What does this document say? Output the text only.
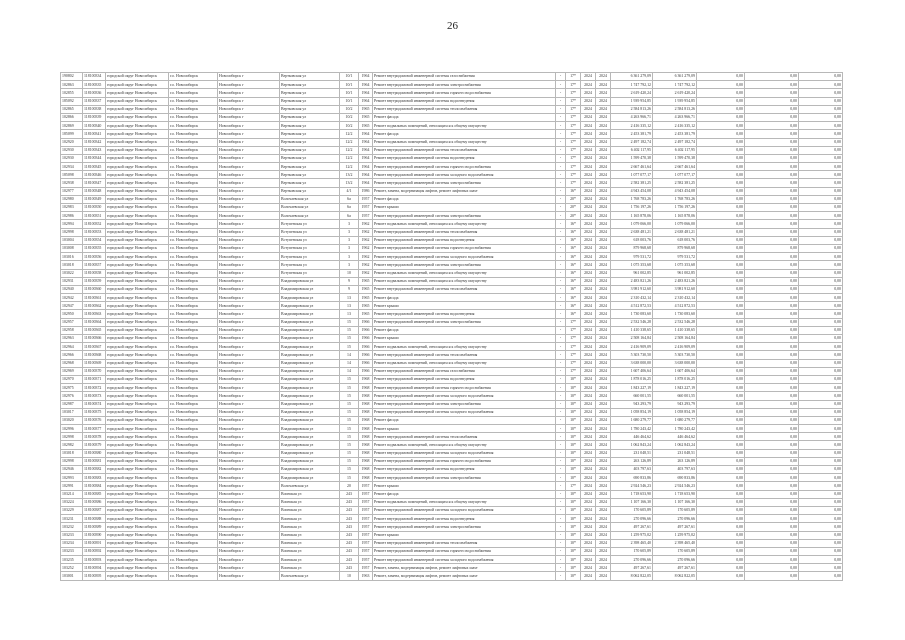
26
190802	118100334	городской округ Новосибирск	г.о. Новосибирск	Новосибирск г	Вертковская ул	10/1	1964	Ремонт внутридомовой инженерной системы газоснабжения	-	17*	2024	2024	6 361 279,09	6 361 279,09	0,00	0,00	0,00
102863	118100335	городской округ Новосибирск	г.о. Новосибирск	Новосибирск г	Вертковская ул	10/1	1964	Ремонт внутридомовой инженерной системы электроснабжения	-	17*	2024	2024	1 747 792,12	1 747 792,12	0,00	0,00	0,00
102855	118100336	городской округ Новосибирск	г.о. Новосибирск	Новосибирск г	Вертковская ул	10/1	1964	Ремонт внутридомовой инженерной системы горячего водоснабжения	-	17*	2024	2024	2 619 420,24	2 619 420,24	0,00	0,00	0,00
185092	118100337	городской округ Новосибирск	г.о. Новосибирск	Новосибирск г	Вертковская ул	10/1	1964	Ремонт внутридомовой инженерной системы водоотведения	-	17*	2024	2024	1 939 954,85	1 939 954,85	0,00	0,00	0,00
102865	118100338	городской округ Новосибирск	г.о. Новосибирск	Новосибирск г	Вертковская ул	10/2	1965	Ремонт внутридомовой инженерной системы теплоснабжения	-	17*	2024	2024	2 584 813,26	2 584 813,26	0,00	0,00	0,00
102866	118100339	городской округ Новосибирск	г.о. Новосибирск	Новосибирск г	Вертковская ул	10/2	1965	Ремонт фасада	-	17*	2024	2024	4 263 966,71	4 263 966,71	0,00	0,00	0,00
102869	118100340	городской округ Новосибирск	г.о. Новосибирск	Новосибирск г	Вертковская ул	10/2	1965	Ремонт подвальных помещений, относящихся к общему имуществу	-	17*	2024	2024	2 416 335,12	2 416 335,12	0,00	0,00	0,00
185099	118100341	городской округ Новосибирск	г.о. Новосибирск	Новосибирск г	Вертковская ул	12/2	1964	Ремонт фасада	-	17*	2024	2024	2 453 381,79	2 453 381,79	0,00	0,00	0,00
102920	118100342	городской округ Новосибирск	г.о. Новосибирск	Новосибирск г	Вертковская ул	12/2	1964	Ремонт подвальных помещений, относящихся к общему имуществу	-	17*	2024	2024	2 497 182,74	2 497 182,74	0,00	0,00	0,00
102930	118100343	городской округ Новосибирск	г.о. Новосибирск	Новосибирск г	Вертковская ул	12/2	1964	Ремонт внутридомовой инженерной системы теплоснабжения	-	17*	2024	2024	6 402 117,95	6 402 117,95	0,00	0,00	0,00
102930	118100344	городской округ Новосибирск	г.о. Новосибирск	Новосибирск г	Вертковская ул	12/2	1964	Ремонт внутридомовой инженерной системы водоотведения	-	17*	2024	2024	1 599 470,38	1 599 470,38	0,00	0,00	0,00
102934	118100345	городской округ Новосибирск	г.о. Новосибирск	Новосибирск г	Вертковская ул	12/2	1964	Ремонт внутридомовой инженерной системы горячего водоснабжения	-	17*	2024	2024	2 667 461,64	2 667 461,64	0,00	0,00	0,00
185098	118100346	городской округ Новосибирск	г.о. Новосибирск	Новосибирск г	Вертковская ул	13/2	1964	Ремонт внутридомовой инженерной системы холодного водоснабжения	-	17*	2024	2024	1 077 077,17	1 077 077,17	0,00	0,00	0,00
102938	118100347	городской округ Новосибирск	г.о. Новосибирск	Новосибирск г	Вертковская ул	13/2	1964	Ремонт внутридомовой инженерной системы электроснабжения	-	17*	2024	2024	2 582 381,25	2 582 381,25	0,00	0,00	0,00
102977	118100348	городской округ Новосибирск	г.о. Новосибирск	Новосибирск г	Вертковская ул	4/1	1986	Ремонт, замена, модернизация лифтов, ремонт лифтовых шахт	-	16*	2024	2024	4 943 454,08	4 943 454,08	0,00	0,00	0,00
102980	118100349	городской округ Новосибирск	г.о. Новосибирск	Новосибирск г	Волочаевская ул	6а	1957	Ремонт фасада	-	20*	2024	2024	1 768 783,26	1 768 783,26	0,00	0,00	0,00
102983	118100350	городской округ Новосибирск	г.о. Новосибирск	Новосибирск г	Волочаевская ул	6а	1957	Ремонт крыши	-	20*	2024	2024	1 756 197,26	1 756 197,26	0,00	0,00	0,00
102986	118100351	городской округ Новосибирск	г.о. Новосибирск	Новосибирск г	Волочаевская ул	6а	1957	Ремонт внутридомовой инженерной системы электроснабжения	-	20*	2024	2024	1 165 878,06	1 165 878,06	0,00	0,00	0,00
102994	118100352	городской округ Новосибирск	г.о. Новосибирск	Новосибирск г	Вступенская ул	3	1962	Ремонт подвальных помещений, относящихся к общему имуществу	-	16*	2024	2024	1 079 066,00	1 079 066,00	0,00	0,00	0,00
102998	118100353	городской округ Новосибирск	г.о. Новосибирск	Новосибирск г	Вступенская ул	3	1962	Ремонт внутридомовой инженерной системы теплоснабжения	-	16*	2024	2024	2 638 481,21	2 638 481,21	0,00	0,00	0,00
103004	118100354	городской округ Новосибирск	г.о. Новосибирск	Новосибирск г	Вступенская ул	3	1962	Ремонт внутридомовой инженерной системы водоотведения	-	16*	2024	2024	618 003,76	618 003,76	0,00	0,00	0,00
103008	118100355	городской округ Новосибирск	г.о. Новосибирск	Новосибирск г	Вступенская ул	3	1962	Ремонт внутридомовой инженерной системы горячего водоснабжения	-	16*	2024	2024	879 968,68	879 968,68	0,00	0,00	0,00
103016	118100356	городской округ Новосибирск	г.о. Новосибирск	Новосибирск г	Вступенская ул	3	1962	Ремонт внутридомовой инженерной системы холодного водоснабжения	-	16*	2024	2024	979 531,72	979 531,72	0,00	0,00	0,00
103018	118100357	городской округ Новосибирск	г.о. Новосибирск	Новосибирск г	Вступенская ул	3	1962	Ремонт внутридомовой инженерной системы электроснабжения	-	16*	2024	2024	1 075 353,68	1 075 353,68	0,00	0,00	0,00
103022	118100358	городской округ Новосибирск	г.о. Новосибирск	Новосибирск г	Вступенская ул	10	1962	Ремонт подвальных помещений, относящихся к общему имуществу	-	16*	2024	2024	961 002,85	961 002,85	0,00	0,00	0,00
102931	118100359	городской округ Новосибирск	г.о. Новосибирск	Новосибирск г	Владимировская ул	9	1965	Ремонт подвальных помещений, относящихся к общему имуществу	-	16*	2024	2024	2 483 821,26	2 483 821,26	0,00	0,00	0,00
102940	118100360	городской округ Новосибирск	г.о. Новосибирск	Новосибирск г	Владимировская ул	9	1965	Ремонт внутридомовой инженерной системы теплоснабжения	-	16*	2024	2024	3 981 912,60	3 981 912,60	0,00	0,00	0,00
102942	118100361	городской округ Новосибирск	г.о. Новосибирск	Новосибирск г	Владимировская ул	13	1965	Ремонт фасада	-	16*	2024	2024	2 310 432,14	2 310 432,14	0,00	0,00	0,00
102947	118100362	городской округ Новосибирск	г.о. Новосибирск	Новосибирск г	Владимировская ул	13	1965	Ремонт крыши	-	16*	2024	2024	4 512 872,53	4 512 872,53	0,00	0,00	0,00
102950	118100363	городской округ Новосибирск	г.о. Новосибирск	Новосибирск г	Владимировская ул	13	1965	Ремонт внутридомовой инженерной системы водоотведения	-	16*	2024	2024	1 730 083,60	1 730 083,60	0,00	0,00	0,00
102957	118100364	городской округ Новосибирск	г.о. Новосибирск	Новосибирск г	Владимировская ул	15	1966	Ремонт внутридомовой инженерной системы электроснабжения	-	17*	2024	2024	2 532 546,28	2 532 546,28	0,00	0,00	0,00
102958	118100365	городской округ Новосибирск	г.о. Новосибирск	Новосибирск г	Владимировская ул	15	1966	Ремонт фасада	-	17*	2024	2024	1 410 338,65	1 410 338,65	0,00	0,00	0,00
102963	118100366	городской округ Новосибирск	г.о. Новосибирск	Новосибирск г	Владимировская ул	15	1966	Ремонт крыши	-	17*	2024	2024	2 508 164,84	2 508 164,84	0,00	0,00	0,00
102964	118100367	городской округ Новосибирск	г.о. Новосибирск	Новосибирск г	Владимировская ул	15	1966	Ремонт подвальных помещений, относящихся к общему имуществу	-	17*	2024	2024	2 416 909,09	2 416 909,09	0,00	0,00	0,00
102966	118100368	городской округ Новосибирск	г.о. Новосибирск	Новосибирск г	Владимировская ул	14	1966	Ремонт внутридомовой инженерной системы теплоснабжения	-	17*	2024	2024	5 303 730,50	5 303 730,50	0,00	0,00	0,00
102968	118100369	городской округ Новосибирск	г.о. Новосибирск	Новосибирск г	Владимировская ул	14	1966	Ремонт подвальных помещений, относящихся к общему имуществу	-	17*	2024	2024	3 638 000,00	3 638 000,00	0,00	0,00	0,00
102969	118100370	городской округ Новосибирск	г.о. Новосибирск	Новосибирск г	Владимировская ул	14	1966	Ремонт внутридомовой инженерной системы газоснабжения	-	17*	2024	2024	1 607 406,64	1 607 406,64	0,00	0,00	0,00
102970	118100371	городской округ Новосибирск	г.о. Новосибирск	Новосибирск г	Владимировская ул	15	1968	Ремонт внутридомовой инженерной системы водоотведения	-	10*	2024	2024	1 878 016,25	1 878 016,25	0,00	0,00	0,00
102975	118100372	городской округ Новосибирск	г.о. Новосибирск	Новосибирск г	Владимировская ул	15	1968	Ремонт внутридомовой инженерной системы горячего водоснабжения	-	10*	2024	2024	1 843 227,19	1 843 227,19	0,00	0,00	0,00
102976	118100373	городской округ Новосибирск	г.о. Новосибирск	Новосибирск г	Владимировская ул	15	1968	Ремонт внутридомовой инженерной системы холодного водоснабжения	-	10*	2024	2024	660 001,55	660 001,55	0,00	0,00	0,00
102987	118100374	городской округ Новосибирск	г.о. Новосибирск	Новосибирск г	Владимировская ул	15	1968	Ремонт внутридомовой инженерной системы электроснабжения	-	10*	2024	2024	943 293,79	943 293,79	0,00	0,00	0,00
103017	118100375	городской округ Новосибирск	г.о. Новосибирск	Новосибирск г	Владимировская ул	15	1968	Ремонт внутридомовой инженерной системы холодного водоснабжения	-	10*	2024	2024	1 058 854,19	1 058 854,19	0,00	0,00	0,00
103020	118100376	городской округ Новосибирск	г.о. Новосибирск	Новосибирск г	Владимировская ул	15	1968	Ремонт фасада	-	10*	2024	2024	1 680 279,77	1 680 279,77	0,00	0,00	0,00
102996	118100377	городской округ Новосибирск	г.о. Новосибирск	Новосибирск г	Владимировская ул	15	1968	Ремонт крыши	-	10*	2024	2024	1 780 243,42	1 780 243,42	0,00	0,00	0,00
102998	118100378	городской округ Новосибирск	г.о. Новосибирск	Новосибирск г	Владимировская ул	15	1968	Ремонт внутридомовой инженерной системы теплоснабжения	-	10*	2024	2024	446 464,62	446 464,62	0,00	0,00	0,00
102982	118100379	городской округ Новосибирск	г.о. Новосибирск	Новосибирск г	Владимировская ул	15	1968	Ремонт подвальных помещений, относящихся к общему имуществу	-	10*	2024	2024	1 062 843,24	1 062 843,24	0,00	0,00	0,00
103018	118100380	городской округ Новосибирск	г.о. Новосибирск	Новосибирск г	Владимировская ул	15	1968	Ремонт внутридомовой инженерной системы холодного водоснабжения	-	10*	2024	2024	231 048,51	231 048,51	0,00	0,00	0,00
102998	118100381	городской округ Новосибирск	г.о. Новосибирск	Новосибирск г	Владимировская ул	15	1968	Ремонт внутридомовой инженерной системы горячего водоснабжения	-	10*	2024	2024	263 126,89	263 126,89	0,00	0,00	0,00
102946	118100382	городской округ Новосибирск	г.о. Новосибирск	Новосибирск г	Владимировская ул	15	1968	Ремонт внутридомовой инженерной системы водоотведения	-	10*	2024	2024	403 797,63	403 797,63	0,00	0,00	0,00
102993	118100383	городской округ Новосибирск	г.о. Новосибирск	Новосибирск г	Владимировская ул	15	1968	Ремонт внутридомовой инженерной системы электроснабжения	-	10*	2024	2024	690 833,86	690 833,86	0,00	0,00	0,00
102991	118100384	городской округ Новосибирск	г.о. Новосибирск	Новосибирск г	Волочаевская ул	20	1957	Ремонт крыши	-	17*	2024	2024	2 924 546,23	2 924 546,23	0,00	0,00	0,00
103214	118100385	городской округ Новосибирск	г.о. Новосибирск	Новосибирск г	Воинская ул	243	1957	Ремонт фасада	-	10*	2024	2024	1 718 653,90	1 718 653,90	0,00	0,00	0,00
103224	118100386	городской округ Новосибирск	г.о. Новосибирск	Новосибирск г	Воинская ул	243	1957	Ремонт подвальных помещений, относящихся к общему имуществу	-	10*	2024	2024	1 107 166,30	1 107 166,30	0,00	0,00	0,00
103229	118100387	городской округ Новосибирск	г.о. Новосибирск	Новосибирск г	Воинская ул	243	1957	Ремонт внутридомовой инженерной системы холодного водоснабжения	-	10*	2024	2024	170 605,89	170 605,89	0,00	0,00	0,00
103231	118100388	городской округ Новосибирск	г.о. Новосибирск	Новосибирск г	Воинская ул	243	1957	Ремонт внутридомовой инженерной системы водоотведения	-	10*	2024	2024	270 096,66	270 096,66	0,00	0,00	0,00
103232	118100389	городской округ Новосибирск	г.о. Новосибирск	Новосибирск г	Воинская ул	243	1957	Ремонт внутридомовой инженерной системы электроснабжения	-	10*	2024	2024	497 267,61	497 267,61	0,00	0,00	0,00
103233	118100390	городской округ Новосибирск	г.о. Новосибирск	Новосибирск г	Воинская ул	243	1957	Ремонт крыши	-	10*	2024	2024	1 259 975,02	1 259 975,02	0,00	0,00	0,00
103234	118100391	городской округ Новосибирск	г.о. Новосибирск	Новосибирск г	Воинская ул	243	1957	Ремонт внутридомовой инженерной системы теплоснабжения	-	10*	2024	2024	2 398 465,40	2 398 465,40	0,00	0,00	0,00
103233	118100392	городской округ Новосибирск	г.о. Новосибирск	Новосибирск г	Воинская ул	243	1957	Ремонт внутридомовой инженерной системы горячего водоснабжения	-	10*	2024	2024	170 605,89	170 605,89	0,00	0,00	0,00
103235	118100393	городской округ Новосибирск	г.о. Новосибирск	Новосибирск г	Воинская ул	243	1957	Ремонт внутридомовой инженерной системы холодного водоснабжения	-	10*	2024	2024	270 096,66	270 096,66	0,00	0,00	0,00
103252	118100394	городской округ Новосибирск	г.о. Новосибирск	Новосибирск г	Воинская ул	243	1957	Ремонт, замена, модернизация лифтов, ремонт лифтовых шахт	-	10*	2024	2024	497 267,61	497 267,61	0,00	0,00	0,00
103001	118100395	городской округ Новосибирск	г.о. Новосибирск	Новосибирск г	Волочаевская ул	10	1963	Ремонт, замена, модернизация лифтов, ремонт лифтовых шахт	-	10*	2024	2024	8 062 822,05	8 062 822,05	0,00	0,00	0,00
